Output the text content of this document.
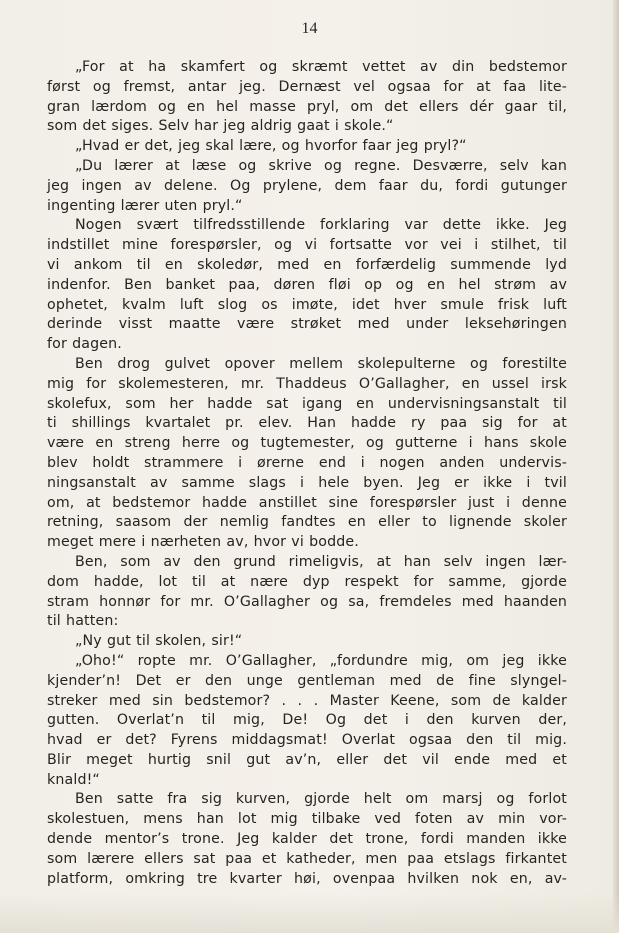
14
„For at ha skamfert og skræmt vettet av din bedstemor
først og fremst, antar jeg. Dernæst vel ogsaa for at faa lite-
gran lærdom og en hel masse pryl, om det ellers dér gaar til,
som det siges. Selv har jeg aldrig gaat i skole.“
„Hvad er det, jeg skal lære, og hvorfor faar jeg pryl?“
„Du lærer at læse og skrive og regne. Desværre, selv kan
jeg ingen av delene. Og prylene, dem faar du, fordi gutunger
ingenting lærer uten pryl.“
Nogen svært tilfredsstillende forklaring var dette ikke. Jeg
indstillet mine forespørsler, og vi fortsatte vor vei i stilhet, til
vi ankom til en skoledør, med en forfærdelig summende lyd
indenfor. Ben banket paa, døren fløi op og en hel strøm av
ophetet, kvalm luft slog os imøte, idet hver smule frisk luft
derinde visst maatte være strøket med under leksehøringen
for dagen.
Ben drog gulvet opover mellem skolepulterne og forestilte
mig for skolemesteren, mr. Thaddeus O’Gallagher, en ussel irsk
skolefux, som her hadde sat igang en undervisningsanstalt til
ti shillings kvartalet pr. elev. Han hadde ry paa sig for at
være en streng herre og tugtemester, og gutterne i hans skole
blev holdt strammere i ørerne end i nogen anden undervis-
ningsanstalt av samme slags i hele byen. Jeg er ikke i tvil
om, at bedstemor hadde anstillet sine forespørsler just i denne
retning, saasom der nemlig fandtes en eller to lignende skoler
meget mere i nærheten av, hvor vi bodde.
Ben, som av den grund rimeligvis, at han selv ingen lær-
dom hadde, lot til at nære dyp respekt for samme, gjorde
stram honnør for mr. O’Gallagher og sa, fremdeles med haanden
til hatten:
„Ny gut til skolen, sir!“
„Oho!“ ropte mr. O’Gallagher, „fordundre mig, om jeg ikke
kjender’n! Det er den unge gentleman med de fine slyngel-
streker med sin bedstemor? . . . Master Keene, som de kalder
gutten. Overlat’n til mig, De! Og det i den kurven der,
hvad er det? Fyrens middagsmat! Overlat ogsaa den til mig.
Blir meget hurtig snil gut av’n, eller det vil ende med et
knald!“
Ben satte fra sig kurven, gjorde helt om marsj og forlot
skolestuen, mens han lot mig tilbake ved foten av min vor-
dende mentor’s trone. Jeg kalder det trone, fordi manden ikke
som lærere ellers sat paa et katheder, men paa etslags firkantet
platform, omkring tre kvarter høi, ovenpaa hvilken nok en, av-
